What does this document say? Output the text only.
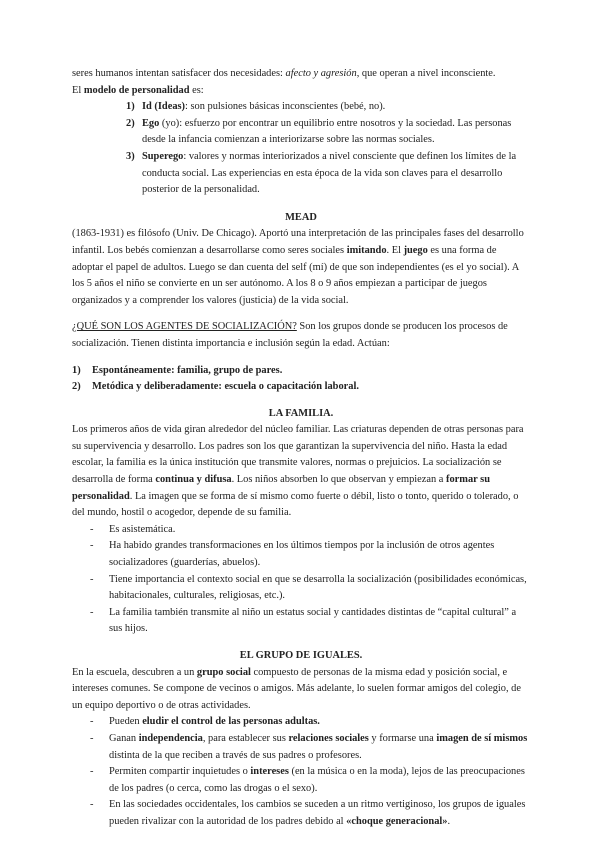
seres humanos intentan satisfacer dos necesidades: afecto y agresión, que operan a nivel inconsciente.
El modelo de personalidad es:

1) Id (Ideas): son pulsiones básicas inconscientes (bebé, no).
2) Ego (yo): esfuerzo por encontrar un equilibrio entre nosotros y la sociedad. Las personas desde la infancia comienzan a interiorizarse sobre las normas sociales.
3) Superego: valores y normas interiorizados a nivel consciente que definen los límites de la conducta social. Las experiencias en esta época de la vida son claves para el desarrollo posterior de la personalidad.

MEAD

(1863-1931) es filósofo (Univ. De Chicago). Aportó una interpretación de las principales fases del desarrollo infantil. Los bebés comienzan a desarrollarse como seres sociales imitando. El juego es una forma de adoptar el papel de adultos. Luego se dan cuenta del self (mí) de que son independientes (es el yo social). A los 5 años el niño se convierte en un ser autónomo. A los 8 o 9 años empiezan a participar de juegos organizados y a comprender los valores (justicia) de la vida social.

¿QUÉ SON LOS AGENTES DE SOCIALIZACIÓN? Son los grupos donde se producen los procesos de socialización. Tienen distinta importancia e inclusión según la edad. Actúan:

1) Espontáneamente: familia, grupo de pares.
2) Metódica y deliberadamente: escuela o capacitación laboral.

LA FAMILIA.

Los primeros años de vida giran alrededor del núcleo familiar. Las criaturas dependen de otras personas para su supervivencia y desarrollo. Los padres son los que garantizan la supervivencia del niño. Hasta la edad escolar, la familia es la única institución que transmite valores, normas o prejuicios. La socialización se desarrolla de forma continua y difusa. Los niños absorben lo que observan y empiezan a formar su personalidad. La imagen que se forma de sí mismo como fuerte o débil, listo o tonto, querido o tolerado, o del mundo, hostil o acogedor, depende de su familia.

- Es asistemática.
- Ha habido grandes transformaciones en los últimos tiempos por la inclusión de otros agentes socializadores (guarderías, abuelos).
- Tiene importancia el contexto social en que se desarrolla la socialización (posibilidades económicas, habitacionales, culturales, religiosas, etc.).
- La familia también transmite al niño un estatus social y cantidades distintas de “capital cultural” a sus hijos.

EL GRUPO DE IGUALES.

En la escuela, descubren a un grupo social compuesto de personas de la misma edad y posición social, e intereses comunes. Se compone de vecinos o amigos. Más adelante, lo suelen formar amigos del colegio, de un equipo deportivo o de otras actividades.

- Pueden eludir el control de las personas adultas.
- Ganan independencia, para establecer sus relaciones sociales y formarse una imagen de sí mismos distinta de la que reciben a través de sus padres o profesores.
- Permiten compartir inquietudes o intereses (en la música o en la moda), lejos de las preocupaciones de los padres (o cerca, como las drogas o el sexo).
- En las sociedades occidentales, los cambios se suceden a un ritmo vertiginoso, los grupos de iguales pueden rivalizar con la autoridad de los padres debido al «choque generacional».
